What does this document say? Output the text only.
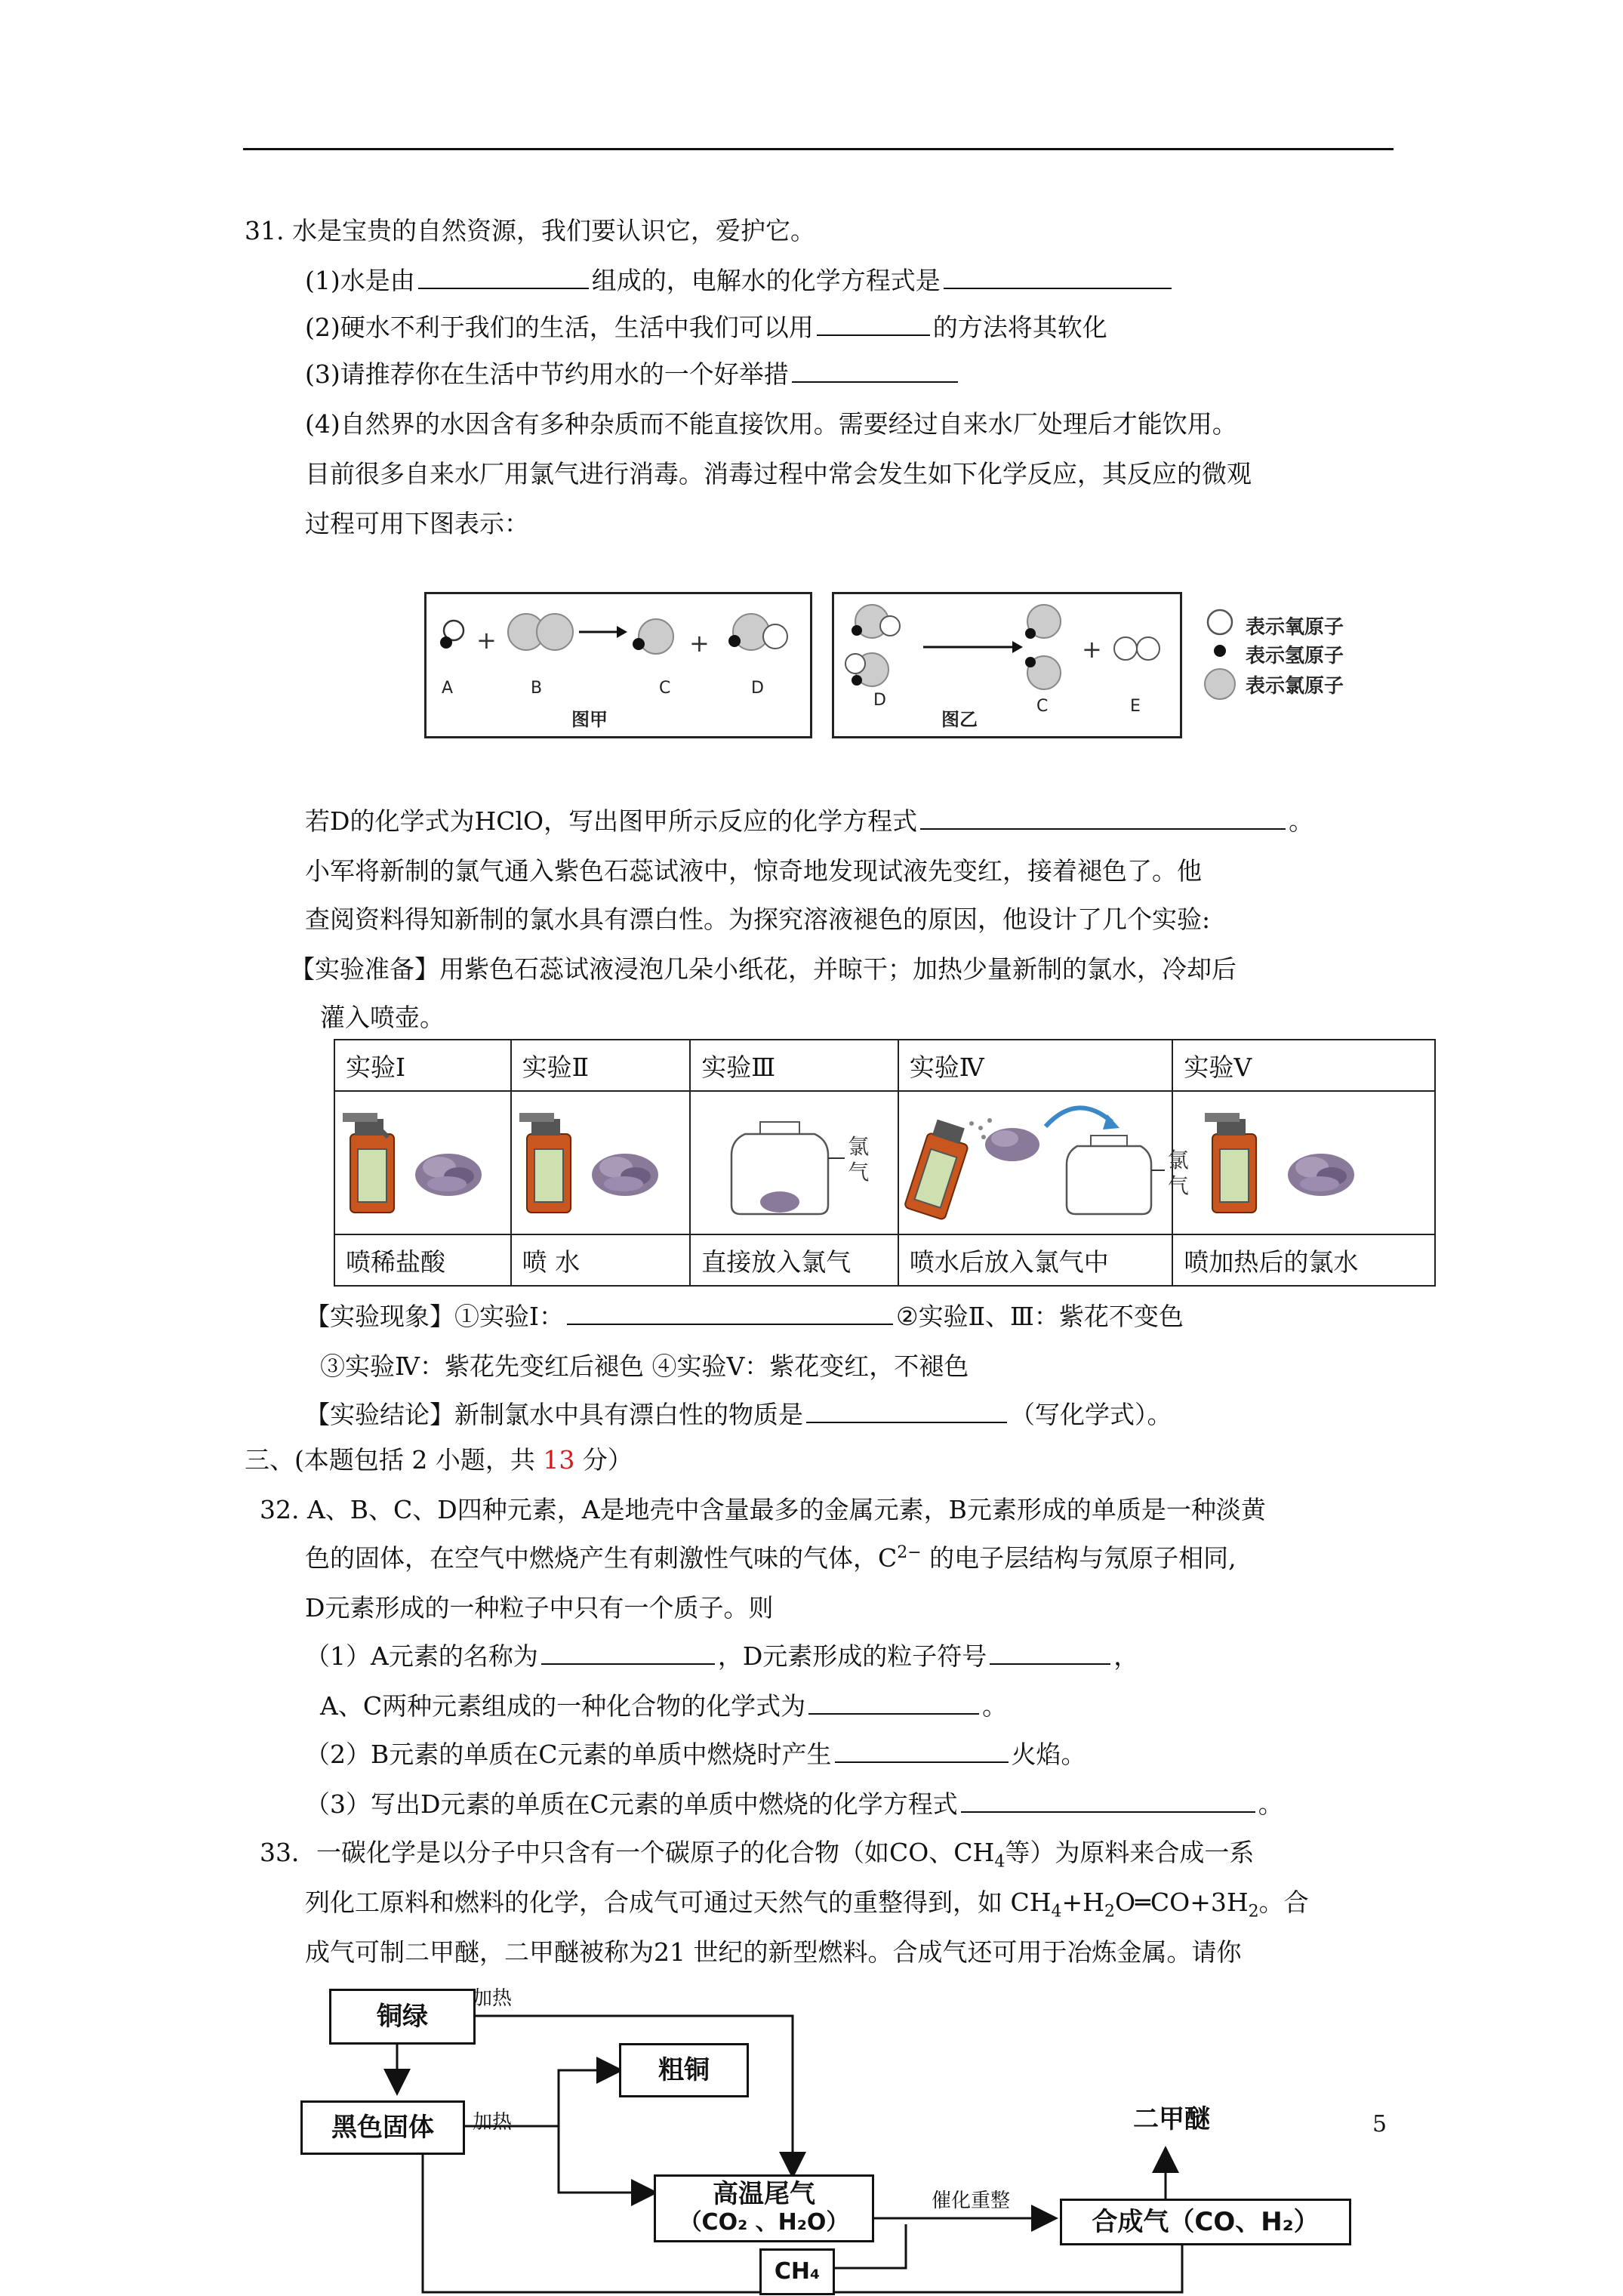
31. 水是宝贵的自然资源，我们要认识它，爱护它。
(1)水是由	组成的，电解水的化学方程式是
(2)硬水不利于我们的生活，生活中我们可以用	的方法将其软化
(3)请推荐你在生活中节约用水的一个好举措
(4)自然界的水因含有多种杂质而不能直接饮用。需要经过自来水厂处理后才能饮用。
目前很多自来水厂用氯气进行消毒。消毒过程中常会发生如下化学反应，其反应的微观
过程可用下图表示：
+	+
A	B	C	D
图甲
+
D
图乙
C	E
表示氧原子
表示氢原子
表示氯原子
若D的化学式为HClO，写出图甲所示反应的化学方程式	。
小军将新制的氯气通入紫色石蕊试液中，惊奇地发现试液先变红，接着褪色了。他
查阅资料得知新制的氯水具有漂白性。为探究溶液褪色的原因，他设计了几个实验:
【实验准备】用紫色石蕊试液浸泡几朵小纸花，并晾干；加热少量新制的氯水，冷却后
灌入喷壶。
实验Ⅰ	实验Ⅱ	实验Ⅲ	实验Ⅳ	实验Ⅴ

氯气	氯气

喷稀盐酸	喷 水	直接放入氯气	喷水后放入氯气中	喷加热后的氯水
【实验现象】①实验Ⅰ：	②实验Ⅱ、Ⅲ：紫花不变色
③实验Ⅳ：紫花先变红后褪色 ④实验Ⅴ：紫花变红，不褪色
【实验结论】新制氯水中具有漂白性的物质是	（写化学式）。
三、(本题包括 2 小题，共 13 分）
32. A、B、C、D四种元素，A是地壳中含量最多的金属元素，B元素形成的单质是一种淡黄
色的固体，在空气中燃烧产生有刺激性气味的气体，$C^{2-}$ 的电子层结构与氖原子相同,
D元素形成的一种粒子中只有一个质子。则
（1）A元素的名称为	，D元素形成的粒子符号	，
A、C两种元素组成的一种化合物的化学式为	。
（2）B元素的单质在C元素的单质中燃烧时产生	火焰。
（3）写出D元素的单质在C元素的单质中燃烧的化学方程式	。
33．一碳化学是以分子中只含有一个碳原子的化合物（如CO、$CH_4$等）为原料来合成一系
列化工原料和燃料的化学，合成气可通过天然气的重整得到，如 $CH_4+H_2O═CO+3H_2$。合
成气可制二甲醚，二甲醚被称为21 世纪的新型燃料。合成气还可用于冶炼金属。请你
铜绿
加热
粗铜
加热
黑色固体
高温尾气
（CO₂ 、H₂O）
CH₄
催化重整
合成气（CO、H₂）
二甲醚	5
